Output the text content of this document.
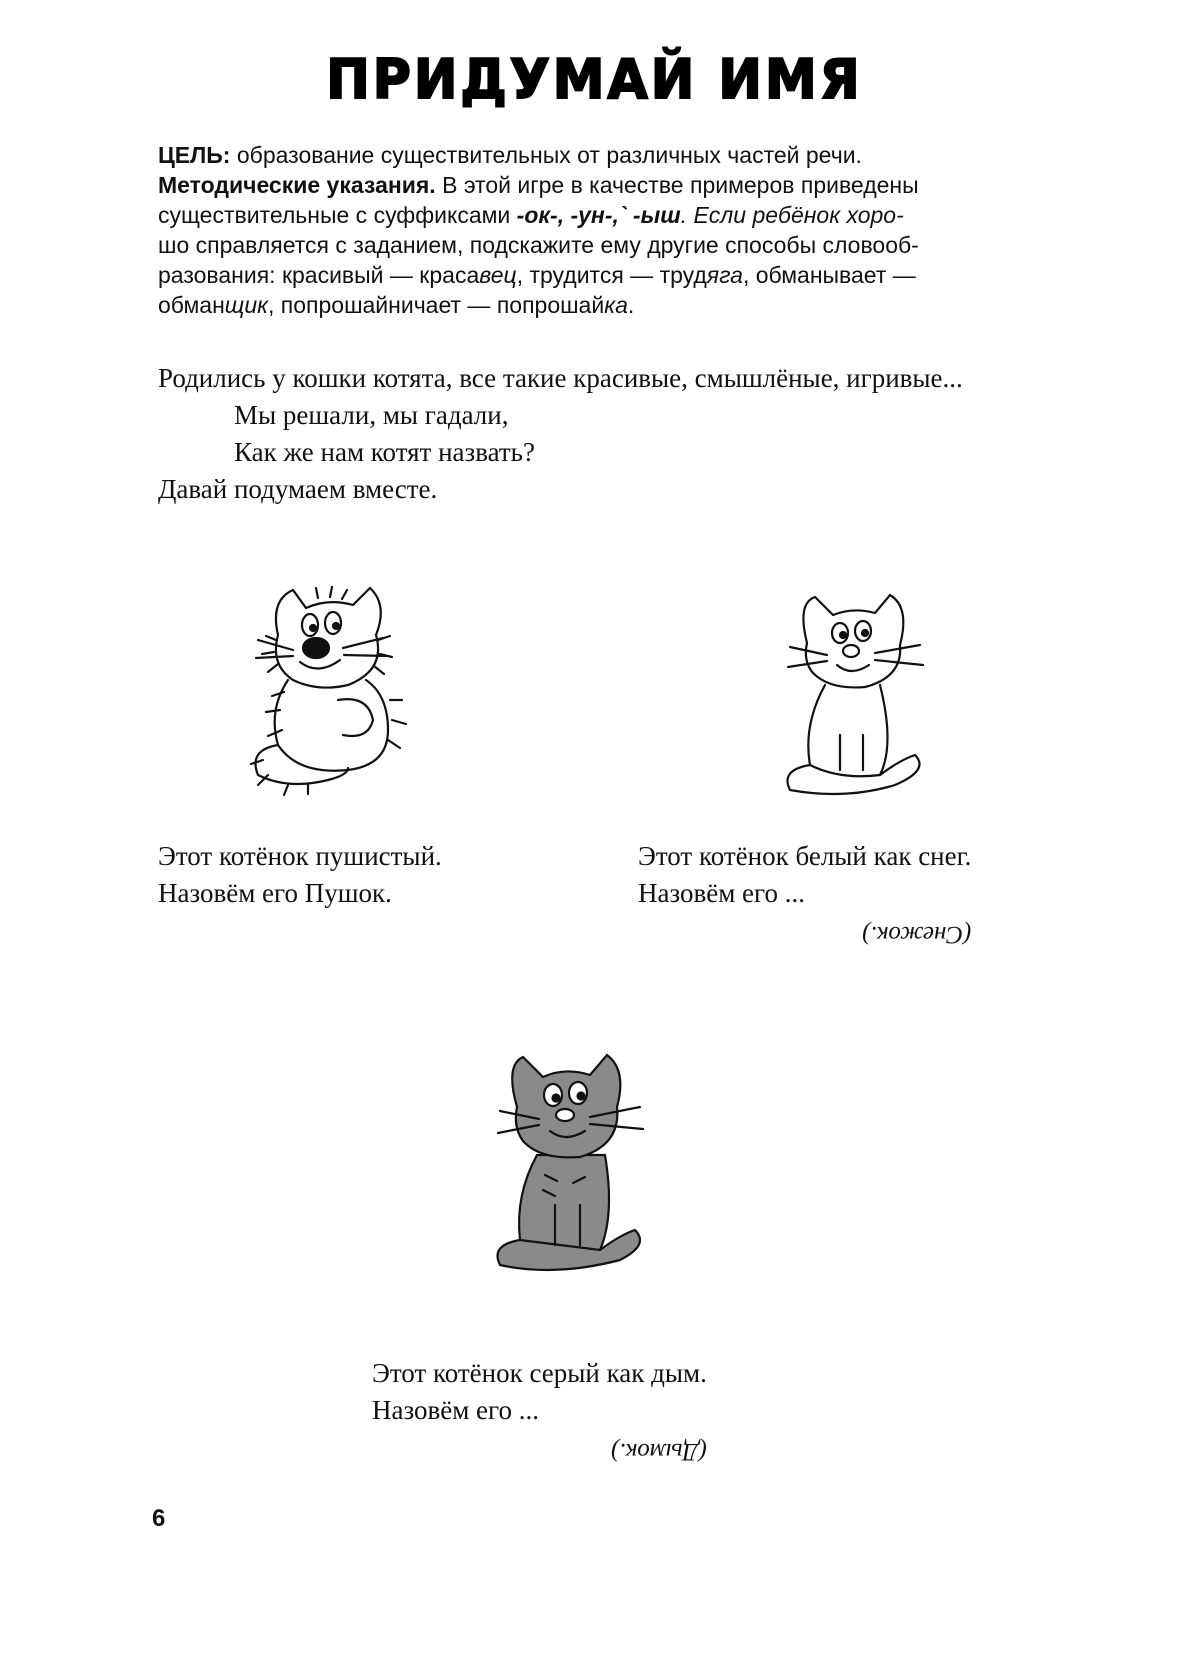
ПРИДУМАЙ ИМЯ
ЦЕЛЬ: образование существительных от различных частей речи.
Методические указания. В этой игре в качестве примеров приведены
существительные с суффиксами -ок-, -ун-,` -ыш. Если ребёнок хоро-
шо справляется с заданием, подскажите ему другие способы словооб-
разования: красивый — красавец, трудится — трудяга, обманывает —
обманщик, попрошайничает — попрошайка.
Родились у кошки котята, все такие красивые, смышлёные, игривые...
Мы решали, мы гадали,
Как же нам котят назвать?
Давай подумаем вместе.
Этот котёнок пушистый.
Назовём его Пушок.
Этот котёнок белый как снег.
Назовём его ...
(Снежок.)
Этот котёнок серый как дым.
Назовём его ...
(Дымок.)
6
